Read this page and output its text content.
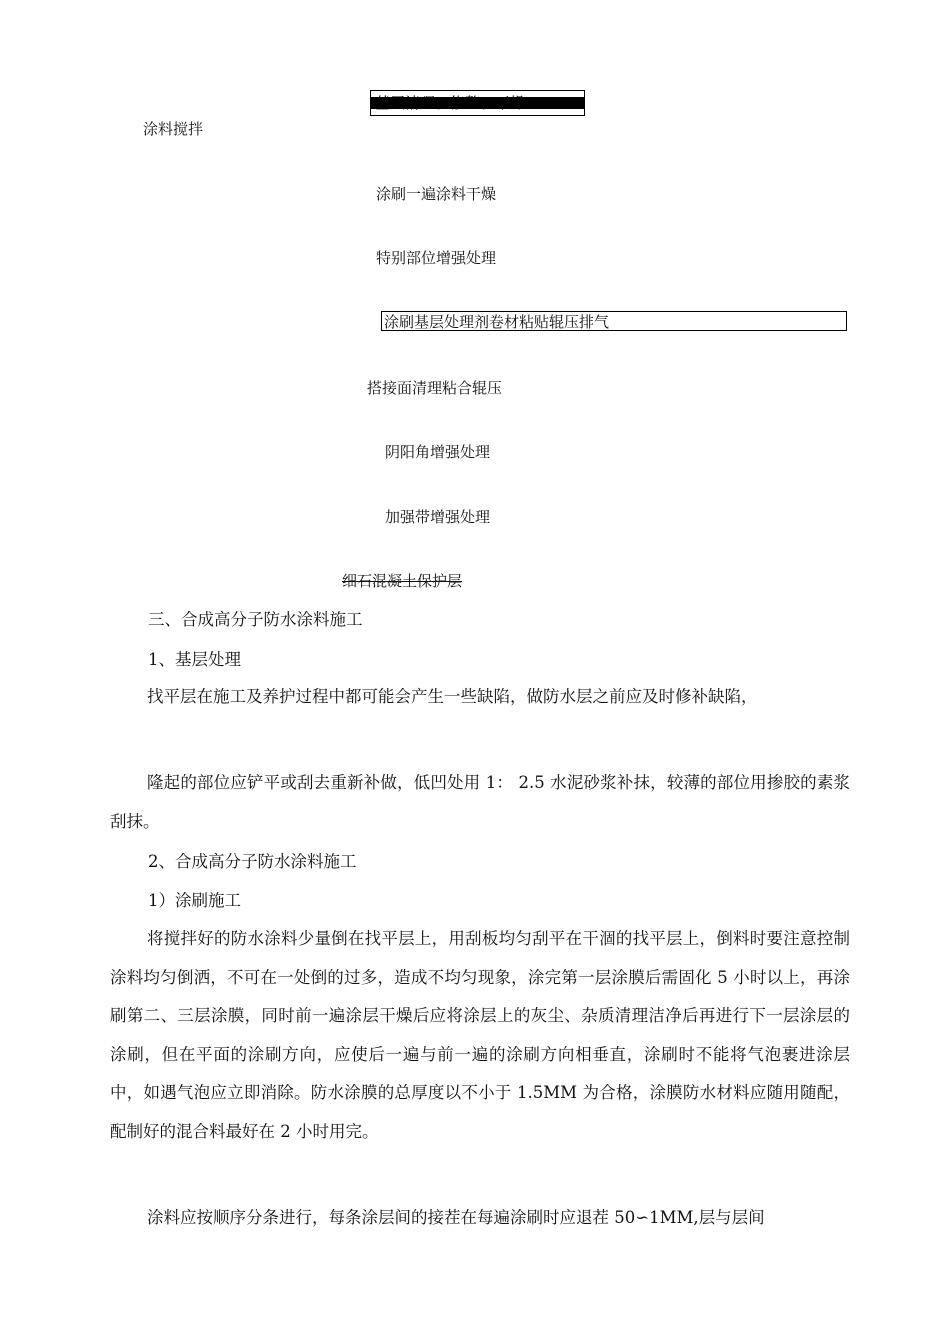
基层清理、修整、干燥
涂料搅拌
涂刷一遍涂料干燥
特别部位增强处理
涂刷基层处理剂卷材粘贴辊压排气
搭接面清理粘合辊压
阴阳角增强处理
加强带增强处理
细石混凝土保护层
三、合成高分子防水涂料施工
1、基层处理
找平层在施工及养护过程中都可能会产生一些缺陷，做防水层之前应及时修补缺陷，
隆起的部位应铲平或刮去重新补做，低凹处用 1： 2.5 水泥砂浆补抹，较薄的部位用掺胶的素浆刮抹。
2、合成高分子防水涂料施工
1）涂刷施工
将搅拌好的防水涂料少量倒在找平层上，用刮板均匀刮平在干涸的找平层上，倒料时要注意控制涂料均匀倒洒，不可在一处倒的过多，造成不均匀现象，涂完第一层涂膜后需固化 5 小时以上，再涂刷第二、三层涂膜，同时前一遍涂层干燥后应将涂层上的灰尘、杂质清理洁净后再进行下一层涂层的涂刷，但在平面的涂刷方向，应使后一遍与前一遍的涂刷方向相垂直，涂刷时不能将气泡裹进涂层中，如遇气泡应立即消除。防水涂膜的总厚度以不小于 1.5MM 为合格，涂膜防水材料应随用随配，配制好的混合料最好在 2 小时用完。
涂料应按顺序分条进行，每条涂层间的接茬在每遍涂刷时应退茬 50∽1MM,层与层间
